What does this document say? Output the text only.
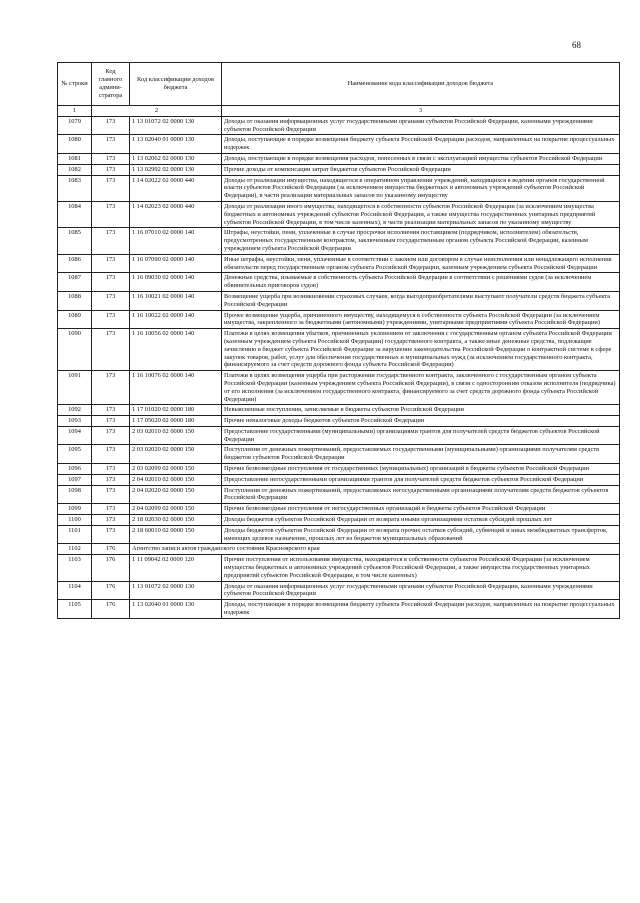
68
№ строки	Код главного админи-стратора	Код классификации доходов бюджета	Наименование кода классификации доходов бюджета
1	2		3
1079	173	1 13 01072 02 0000 130	Доходы от оказания информационных услуг государственными органами субъектов Российской Федерации, казенными учреждениями субъектов Российской Федерации
1080	173	1 13 02040 01 0000 130	Доходы, поступающие в порядке возмещения бюджету субъекта Российской Федерации расходов, направленных на покрытие процессуальных издержек
1081	173	1 13 02062 02 0000 130	Доходы, поступающие в порядке возмещения расходов, понесенных в связи с эксплуатацией имущества субъектов Российской Федерации
1082	173	1 13 02992 02 0000 130	Прочие доходы от компенсации затрат бюджетов субъектов Российской Федерации
1083	173	1 14 02022 02 0000 440	Доходы от реализации имущества, находящегося в оперативном управлении учреждений, находящихся в ведении органов государственной власти субъектов Российской Федерации (за исключением имущества бюджетных и автономных учреждений субъектов Российской Федерации), в части реализации материальных запасов по указанному имуществу
1084	173	1 14 02023 02 0000 440	Доходы от реализации иного имущества, находящегося в собственности субъектов Российской Федерации (за исключением имущества бюджетных и автономных учреждений субъектов Российской Федерации, а также имущества государственных унитарных предприятий субъектов Российской Федерации, в том числе казенных), в части реализации материальных запасов по указанному имуществу
1085	173	1 16 07010 02 0000 140	Штрафы, неустойки, пени, уплаченные в случае просрочки исполнения поставщиком (подрядчиком, исполнителем) обязательств, предусмотренных государственным контрактом, заключенным государственным органом субъекта Российской Федерации, казенным учреждением субъекта Российской Федерации
1086	173	1 16 07090 02 0000 140	Иные штрафы, неустойки, пени, уплаченные в соответствии с законом или договором в случае неисполнения или ненадлежащего исполнения обязательств перед государственным органом субъекта Российской Федерации, казенным учреждением субъекта Российской Федерации
1087	173	1 16 09030 02 0000 140	Денежные средства, изымаемые в собственность субъекта Российской Федерации в соответствии с решениями судов (за исключением обвинительных приговоров судов)
1088	173	1 16 10021 02 0000 140	Возмещение ущерба при возникновении страховых случаев, когда выгодоприобретателями выступают получатели средств бюджета субъекта Российской Федерации
1089	173	1 16 10022 02 0000 140	Прочее возмещение ущерба, причиненного имуществу, находящемуся в собственности субъекта Российской Федерации (за исключением имущества, закрепленного за бюджетными (автономными) учреждениями, унитарными предприятиями субъекта Российской Федерации)
1090	173	1 16 10056 02 0000 140	Платежи в целях возмещения убытков, причиненных уклонением от заключения с государственным органом субъекта Российской Федерации (казенным учреждением субъекта Российской Федерации) государственного контракта, а также иные денежные средства, подлежащие зачислению в бюджет субъекта Российской Федерации за нарушение законодательства Российской Федерации о контрактной системе в сфере закупок товаров, работ, услуг для обеспечения государственных и муниципальных нужд (за исключением государственного контракта, финансируемого за счет средств дорожного фонда субъекта Российской Федерации)
1091	173	1 16 10076 02 0000 140	Платежи в целях возмещения ущерба при расторжении государственного контракта, заключенного с государственным органом субъекта Российской Федерации (казенным учреждением субъекта Российской Федерации), в связи с односторонним отказом исполнителя (подрядчика) от его исполнения (за исключением государственного контракта, финансируемого за счет средств дорожного фонда субъекта Российской Федерации)
1092	173	1 17 01020 02 0000 180	Невыясненные поступления, зачисляемые в бюджеты субъектов Российской Федерации
1093	173	1 17 05020 02 0000 180	Прочие неналоговые доходы бюджетов субъектов Российской Федерации
1094	173	2 03 02010 02 0000 150	Предоставление государственными (муниципальными) организациями грантов для получателей средств бюджетов субъектов Российской Федерации
1095	173	2 03 02020 02 0000 150	Поступления от денежных пожертвований, предоставляемых государственными (муниципальными) организациями получателям средств бюджетов субъектов Российской Федерации
1096	173	2 03 02099 02 0000 150	Прочие безвозмездные поступления от государственных (муниципальных) организаций в бюджеты субъектов Российской Федерации
1097	173	2 04 02010 02 0000 150	Предоставление негосударственными организациями грантов для получателей средств бюджетов субъектов Российской Федерации
1098	173	2 04 02020 02 0000 150	Поступления от денежных пожертвований, предоставляемых негосударственными организациями получателям средств бюджетов субъектов Российской Федерации
1099	173	2 04 02099 02 0000 150	Прочие безвозмездные поступления от негосударственных организаций в бюджеты субъектов Российской Федерации
1100	173	2 18 02030 02 0000 150	Доходы бюджетов субъектов Российской Федерации от возврата иными организациями остатков субсидий прошлых лет
1101	173	2 18 60010 02 0000 150	Доходы бюджетов субъектов Российской Федерации от возврата прочих остатков субсидий, субвенций и иных межбюджетных трансфертов, имеющих целевое назначение, прошлых лет из бюджетов муниципальных образований
1102	176	Агентство записи актов гражданского состояния Красноярского края	
1103	176	1 11 09042 02 0000 120	Прочие поступления от использования имущества, находящегося в собственности субъектов Российской Федерации (за исключением имущества бюджетных и автономных учреждений субъектов Российской Федерации, а также имущества государственных унитарных предприятий субъектов Российской Федерации, в том числе казенных)
1104	176	1 13 01072 02 0000 130	Доходы от оказания информационных услуг государственными органами субъектов Российской Федерации, казенными учреждениями субъектов Российской Федерации
1105	176	1 13 02040 01 0000 130	Доходы, поступающие в порядке возмещения бюджету субъекта Российской Федерации расходов, направленных на покрытие процессуальных издержек
